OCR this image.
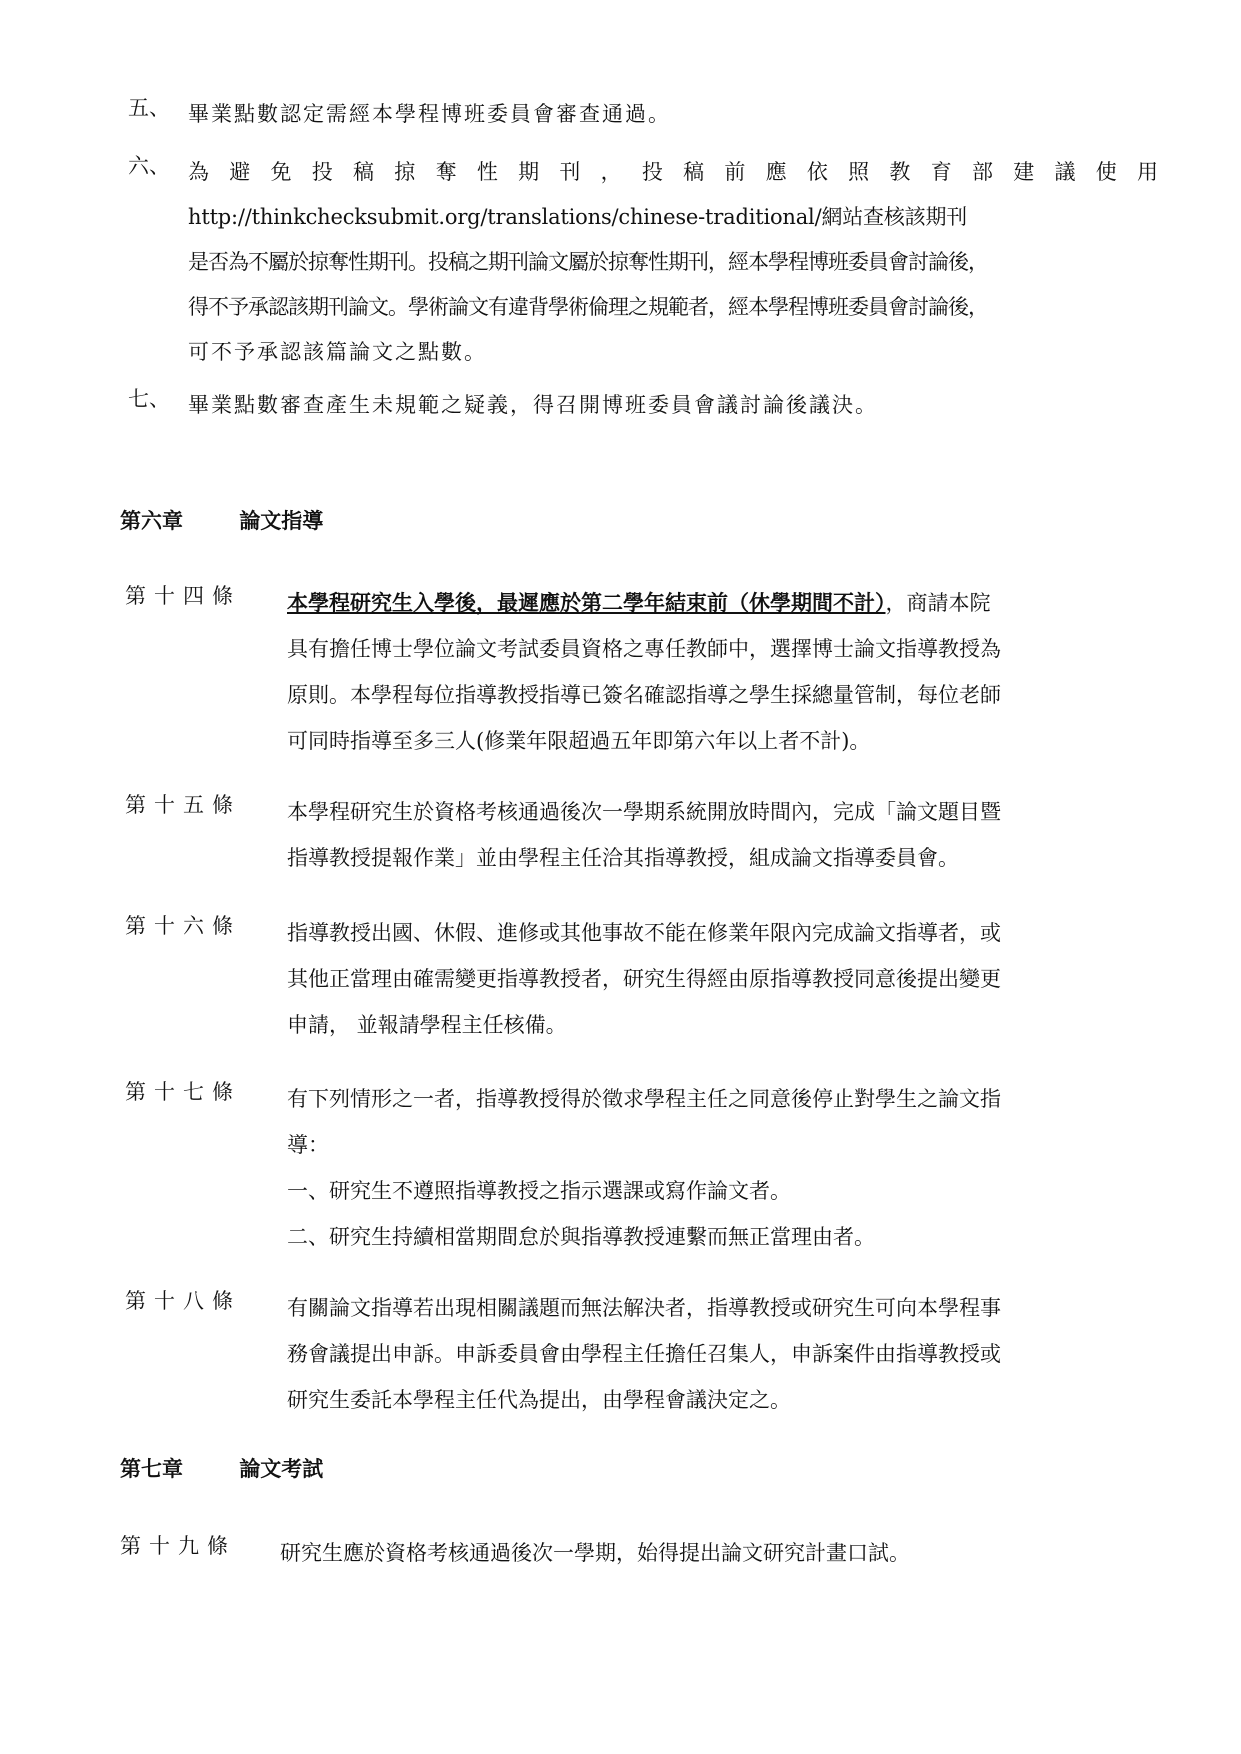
五、 畢業點數認定需經本學程博班委員會審查通過。
六、 為避免投稿掠奪性期刊，投稿前應依照教育部建議使用
http://thinkchecksubmit.org/translations/chinese-traditional/網站查核該期刊
是否為不屬於掠奪性期刊。投稿之期刊論文屬於掠奪性期刊，經本學程博班委員會討論後，
得不予承認該期刊論文。學術論文有違背學術倫理之規範者，經本學程博班委員會討論後，
可不予承認該篇論文之點數。
七、 畢業點數審查產生未規範之疑義，得召開博班委員會議討論後議決。
第六章	論文指導
第十四條 本學程研究生入學後，最遲應於第二學年結束前（休學期間不計），商請本院
具有擔任博士學位論文考試委員資格之專任教師中，選擇博士論文指導教授為
原則。本學程每位指導教授指導已簽名確認指導之學生採總量管制，每位老師
可同時指導至多三人(修業年限超過五年即第六年以上者不計)。
第十五條 本學程研究生於資格考核通過後次一學期系統開放時間內，完成「論文題目暨
指導教授提報作業」並由學程主任洽其指導教授，組成論文指導委員會。
第十六條 指導教授出國、休假、進修或其他事故不能在修業年限內完成論文指導者，或
其他正當理由確需變更指導教授者，研究生得經由原指導教授同意後提出變更
申請， 並報請學程主任核備。
第十七條 有下列情形之一者，指導教授得於徵求學程主任之同意後停止對學生之論文指
導：
一、研究生不遵照指導教授之指示選課或寫作論文者。
二、研究生持續相當期間怠於與指導教授連繫而無正當理由者。
第十八條 有關論文指導若出現相關議題而無法解決者，指導教授或研究生可向本學程事
務會議提出申訴。申訴委員會由學程主任擔任召集人，申訴案件由指導教授或
研究生委託本學程主任代為提出，由學程會議決定之。
第七章	論文考試
第十九條 研究生應於資格考核通過後次一學期，始得提出論文研究計畫口試。
